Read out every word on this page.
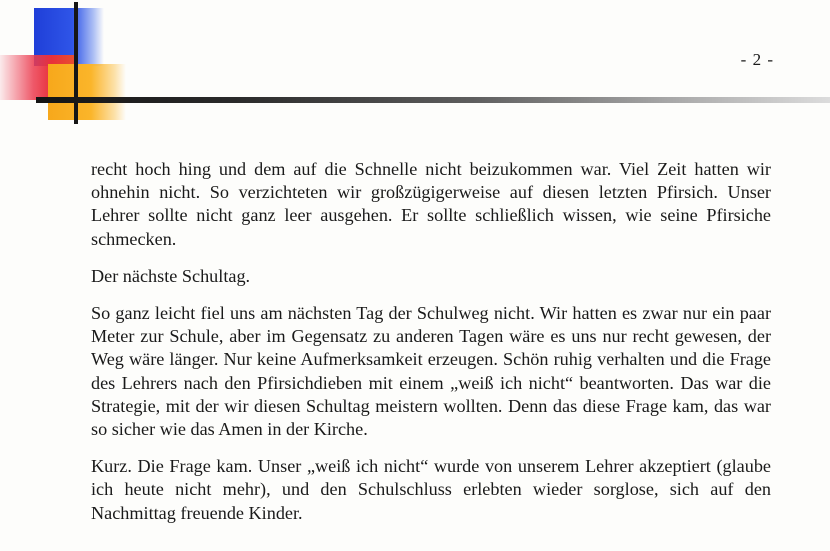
- 2 -

recht hoch hing und dem auf die Schnelle nicht beizukommen war. Viel Zeit hatten wir ohnehin nicht. So verzichteten wir großzügigerweise auf diesen letzten Pfirsich. Unser Lehrer sollte nicht ganz leer ausgehen. Er sollte schließlich wissen, wie seine Pfirsiche schmecken.

Der nächste Schultag.

So ganz leicht fiel uns am nächsten Tag der Schulweg nicht. Wir hatten es zwar nur ein paar Meter zur Schule, aber im Gegensatz zu anderen Tagen wäre es uns nur recht gewesen, der Weg wäre länger. Nur keine Aufmerksamkeit erzeugen. Schön ruhig verhalten und die Frage des Lehrers nach den Pfirsichdieben mit einem „weiß ich nicht“ beantworten. Das war die Strategie, mit der wir diesen Schultag meistern wollten. Denn das diese Frage kam, das war so sicher wie das Amen in der Kirche.

Kurz. Die Frage kam. Unser „weiß ich nicht“ wurde von unserem Lehrer akzeptiert (glaube ich heute nicht mehr), und den Schulschluss erlebten wieder sorglose, sich auf den Nachmittag freuende Kinder.
